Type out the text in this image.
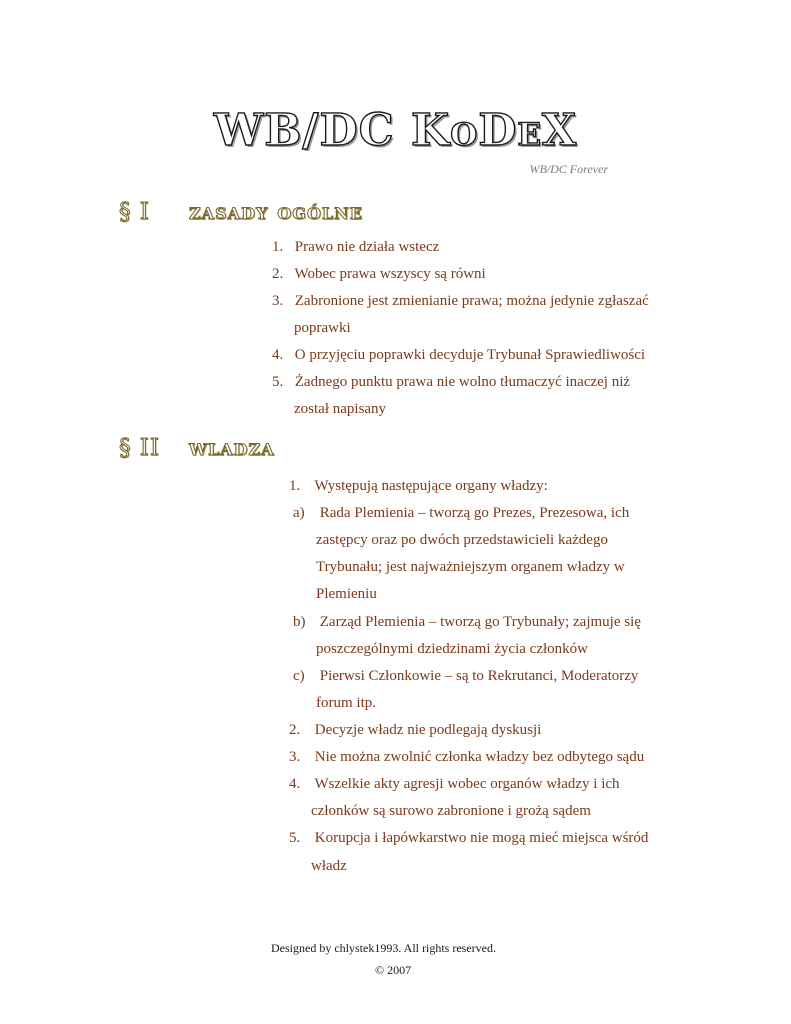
WB/DC KoDeX
WB/DC Forever
§ I zasady ogólne
1. Prawo nie działa wstecz
2. Wobec prawa wszyscy są równi
3. Zabronione jest zmienianie prawa; można jedynie zgłaszać
poprawki
4. O przyjęciu poprawki decyduje Trybunał Sprawiedliwości
5. Żadnego punktu prawa nie wolno tłumaczyć inaczej niż
został napisany
§ II wladza
1. Występują następujące organy władzy:
a) Rada Plemienia – tworzą go Prezes, Prezesowa, ich
zastępcy oraz po dwóch przedstawicieli każdego
Trybunału; jest najważniejszym organem władzy w
Plemieniu
b) Zarząd Plemienia – tworzą go Trybunały; zajmuje się
poszczególnymi dziedzinami życia członków
c) Pierwsi Członkowie – są to Rekrutanci, Moderatorzy
forum itp.
2. Decyzje władz nie podlegają dyskusji
3. Nie można zwolnić członka władzy bez odbytego sądu
4. Wszelkie akty agresji wobec organów władzy i ich
członków są surowo zabronione i grożą sądem
5. Korupcja i łapówkarstwo nie mogą mieć miejsca wśród
władz
Designed by chlystek1993. All rights reserved.
© 2007
